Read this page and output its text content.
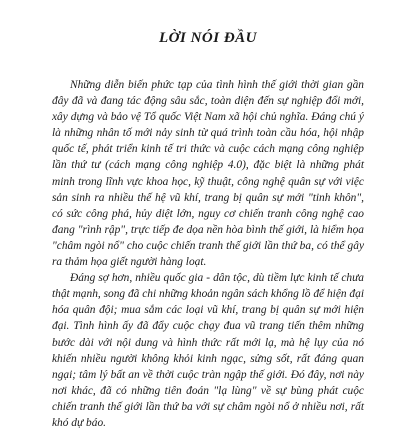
LỜI NÓI ĐẦU

Những diễn biến phức tạp của tình hình thế giới thời gian gần đây đã và đang tác động sâu sắc, toàn diện đến sự nghiệp đổi mới, xây dựng và bảo vệ Tổ quốc Việt Nam xã hội chủ nghĩa. Đáng chú ý là những nhân tố mới nảy sinh từ quá trình toàn cầu hóa, hội nhập quốc tế, phát triển kinh tế tri thức và cuộc cách mạng công nghiệp lần thứ tư (cách mạng công nghiệp 4.0), đặc biệt là những phát minh trong lĩnh vực khoa học, kỹ thuật, công nghệ quân sự với việc sản sinh ra nhiều thế hệ vũ khí, trang bị quân sự mới "tinh khôn", có sức công phá, hủy diệt lớn, nguy cơ chiến tranh công nghệ cao đang "rình rập", trực tiếp đe dọa nền hòa bình thế giới, là hiểm họa "châm ngòi nổ" cho cuộc chiến tranh thế giới lần thứ ba, có thể gây ra thảm họa giết người hàng loạt.

Đáng sợ hơn, nhiều quốc gia - dân tộc, dù tiềm lực kinh tế chưa thật mạnh, song đã chi những khoản ngân sách khổng lồ để hiện đại hóa quân đội; mua sắm các loại vũ khí, trang bị quân sự mới hiện đại. Tình hình ấy đã đẩy cuộc chạy đua vũ trang tiến thêm những bước dài với nội dung và hình thức rất mới lạ, mà hệ lụy của nó khiến nhiều người không khỏi kinh ngạc, sửng sốt, rất đáng quan ngại; tâm lý bất an về thời cuộc tràn ngập thế giới. Đó đây, nơi này nơi khác, đã có những tiên đoán "lạ lùng" về sự bùng phát cuộc chiến tranh thế giới lần thứ ba với sự châm ngòi nổ ở nhiều nơi, rất khó dự báo.
